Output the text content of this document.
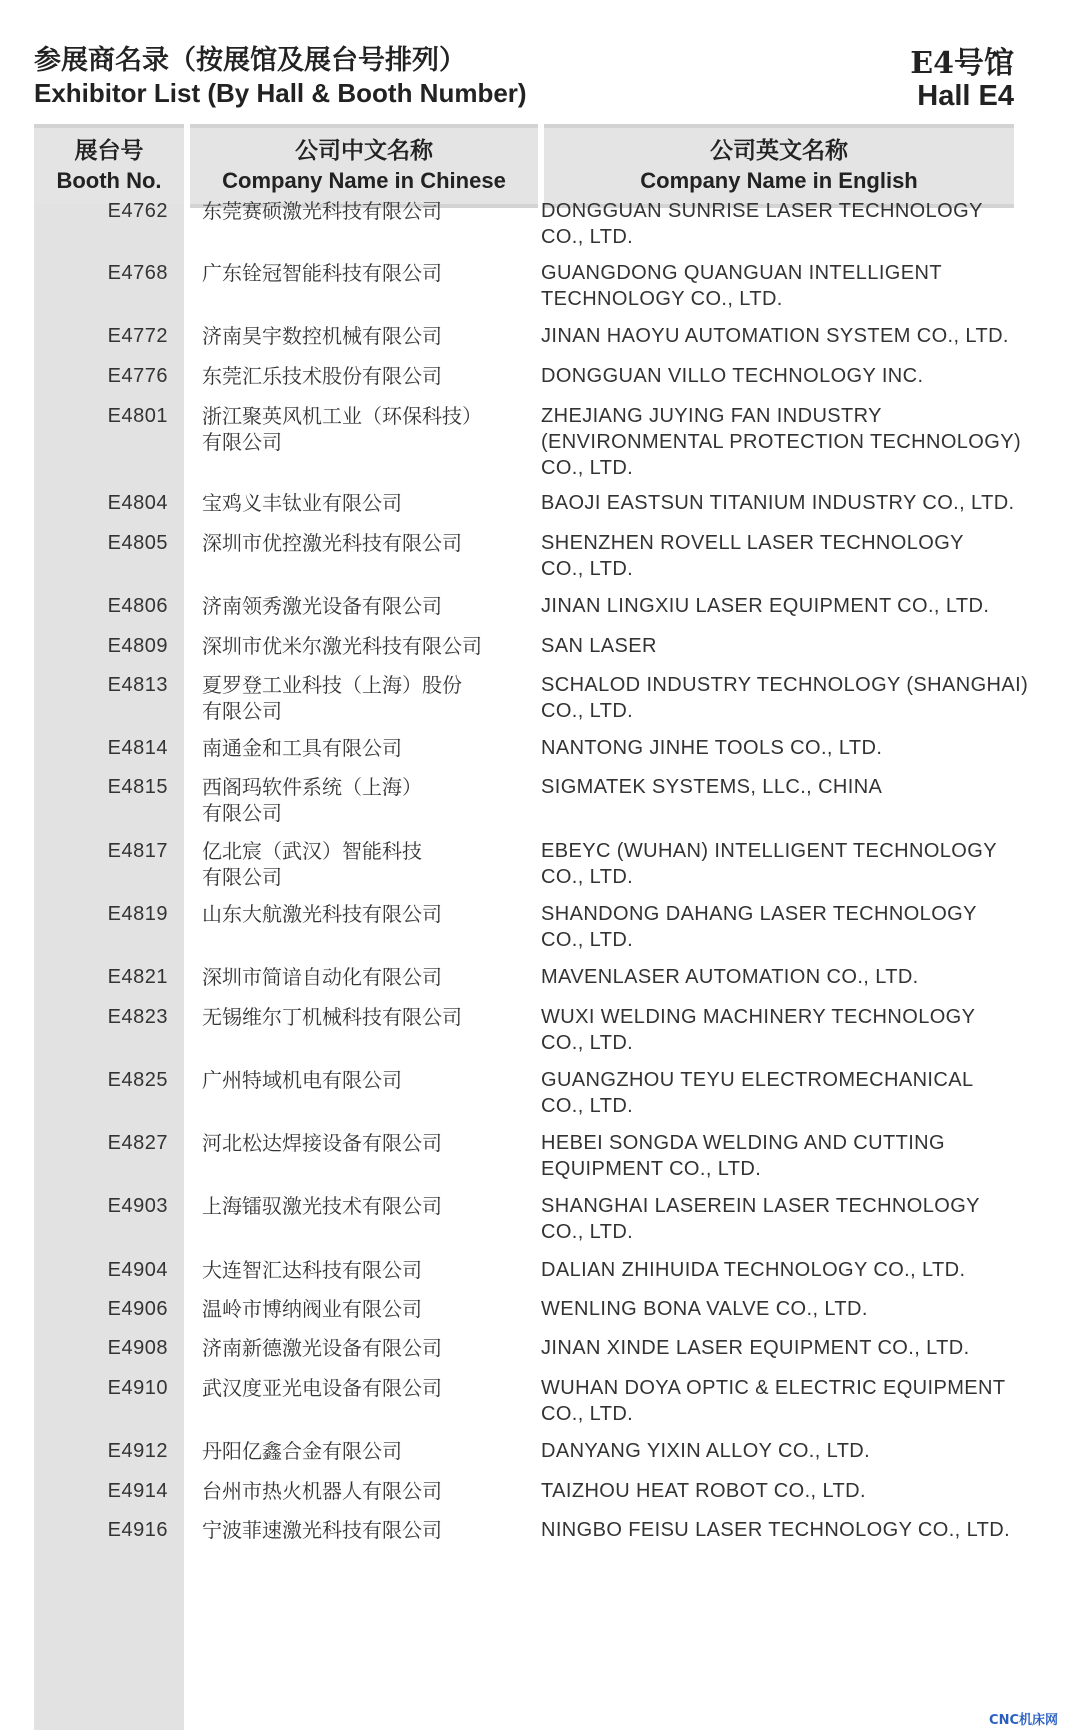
参展商名录（按展馆及展台号排列）
Exhibitor List (By Hall & Booth Number)
E4号馆
Hall E4
展台号
Booth No.
公司中文名称
Company Name in Chinese
公司英文名称
Company Name in English
E4762 东莞赛硕激光科技有限公司	DONGGUAN SUNRISE LASER TECHNOLOGY
CO., LTD.
E4768 广东铨冠智能科技有限公司	GUANGDONG QUANGUAN INTELLIGENT
TECHNOLOGY CO., LTD.
E4772 济南昊宇数控机械有限公司	JINAN HAOYU AUTOMATION SYSTEM CO., LTD.
E4776 东莞汇乐技术股份有限公司	DONGGUAN VILLO TECHNOLOGY INC.
E4801 浙江聚英风机工业（环保科技）
有限公司
ZHEJIANG JUYING FAN INDUSTRY
(ENVIRONMENTAL PROTECTION TECHNOLOGY)
CO., LTD.
E4804 宝鸡义丰钛业有限公司	BAOJI EASTSUN TITANIUM INDUSTRY CO., LTD.
E4805 深圳市优控激光科技有限公司	SHENZHEN ROVELL LASER TECHNOLOGY
CO., LTD.
E4806 济南领秀激光设备有限公司	JINAN LINGXIU LASER EQUIPMENT CO., LTD.
E4809 深圳市优米尔激光科技有限公司	SAN LASER
E4813 夏罗登工业科技（上海）股份
有限公司
SCHALOD INDUSTRY TECHNOLOGY (SHANGHAI)
CO., LTD.
E4814 南通金和工具有限公司	NANTONG JINHE TOOLS CO., LTD.
E4815 西阁玛软件系统（上海）
有限公司
SIGMATEK SYSTEMS, LLC., CHINA
E4817 亿北宸（武汉）智能科技
有限公司
EBEYC (WUHAN) INTELLIGENT TECHNOLOGY
CO., LTD.
E4819 山东大航激光科技有限公司	SHANDONG DAHANG LASER TECHNOLOGY
CO., LTD.
E4821 深圳市简谙自动化有限公司	MAVENLASER AUTOMATION CO., LTD.
E4823 无锡维尔丁机械科技有限公司	WUXI WELDING MACHINERY TECHNOLOGY
CO., LTD.
E4825 广州特域机电有限公司	GUANGZHOU TEYU ELECTROMECHANICAL
CO., LTD.
E4827 河北松达焊接设备有限公司	HEBEI SONGDA WELDING AND CUTTING
EQUIPMENT CO., LTD.
E4903 上海镭驭激光技术有限公司	SHANGHAI LASEREIN LASER TECHNOLOGY
CO., LTD.
E4904 大连智汇达科技有限公司	DALIAN ZHIHUIDA TECHNOLOGY CO., LTD.
E4906 温岭市博纳阀业有限公司	WENLING BONA VALVE CO., LTD.
E4908 济南新德激光设备有限公司	JINAN XINDE LASER EQUIPMENT CO., LTD.
E4910 武汉度亚光电设备有限公司	WUHAN DOYA OPTIC & ELECTRIC EQUIPMENT
CO., LTD.
E4912 丹阳亿鑫合金有限公司	DANYANG YIXIN ALLOY CO., LTD.
E4914 台州市热火机器人有限公司	TAIZHOU HEAT ROBOT CO., LTD.
E4916 宁波菲速激光科技有限公司	NINGBO FEISU LASER TECHNOLOGY CO., LTD.
CNC机床网
